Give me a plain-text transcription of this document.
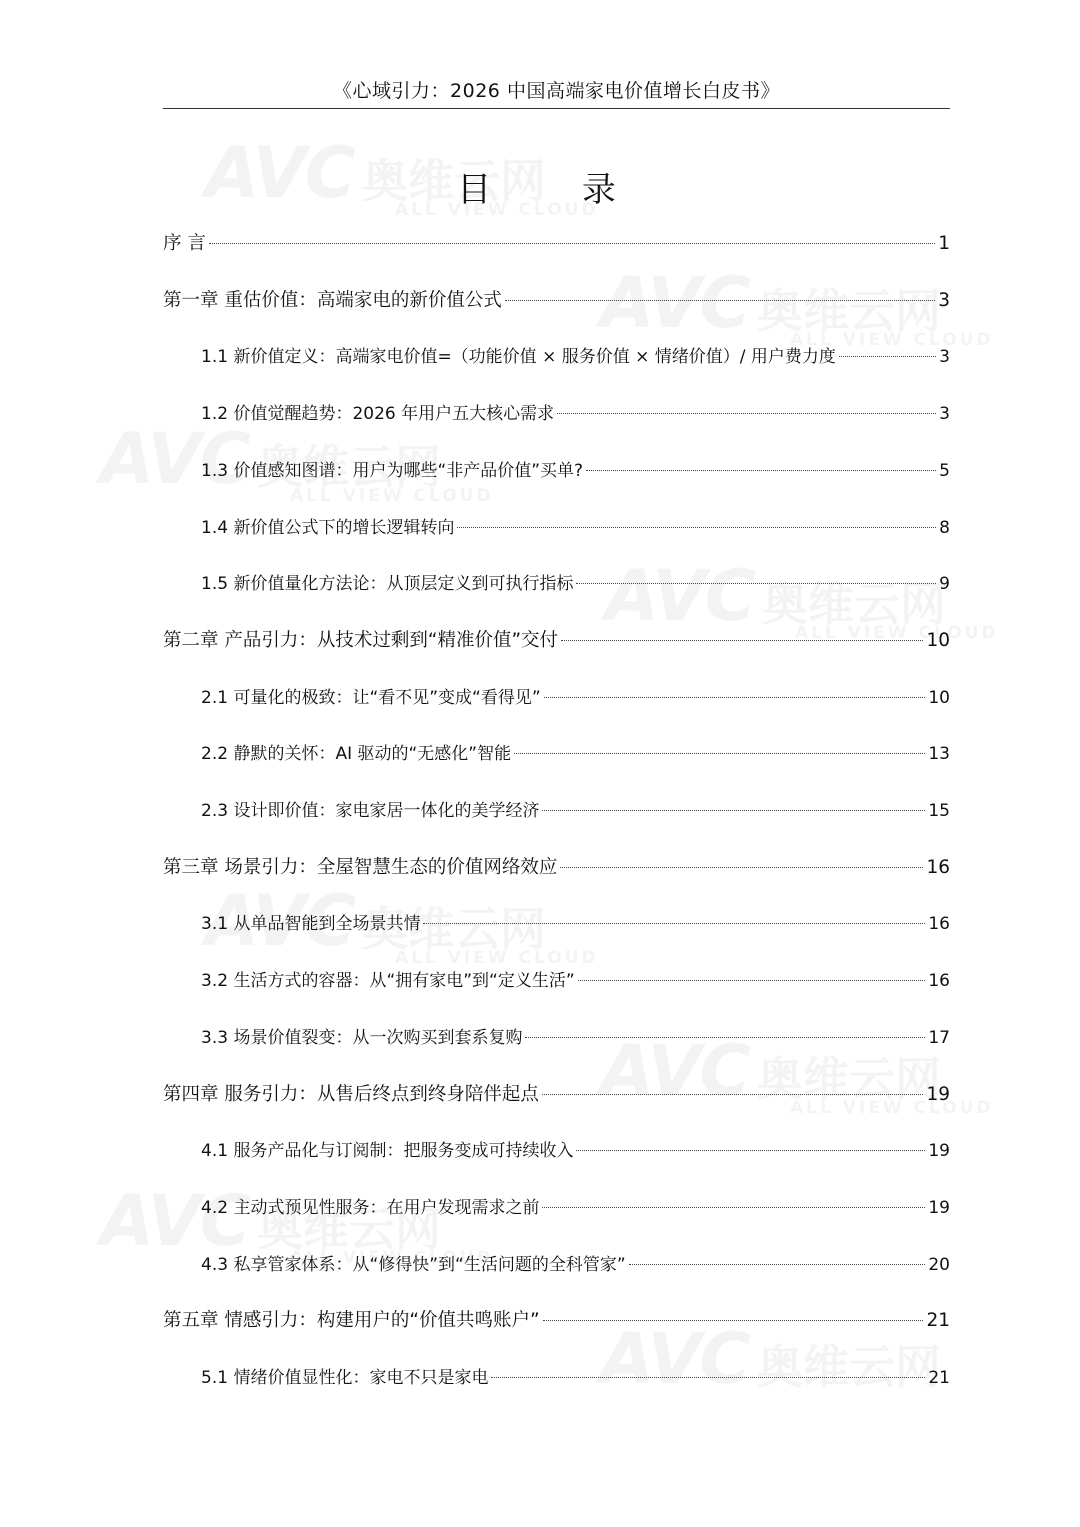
《心域引力：2026 中国高端家电价值增长白皮书》
目 录
序 言	1
第一章 重估价值：高端家电的新价值公式	3
1.1 新价值定义：高端家电价值=（功能价值 × 服务价值 × 情绪价值）/ 用户费力度	3
1.2 价值觉醒趋势：2026 年用户五大核心需求	3
1.3 价值感知图谱：用户为哪些“非产品价值”买单?	5
1.4 新价值公式下的增长逻辑转向	8
1.5 新价值量化方法论：从顶层定义到可执行指标	9
第二章 产品引力：从技术过剩到“精准价值”交付	10
2.1 可量化的极致：让“看不见”变成“看得见”	10
2.2 静默的关怀：AI 驱动的“无感化”智能	13
2.3 设计即价值：家电家居一体化的美学经济	15
第三章 场景引力：全屋智慧生态的价值网络效应	16
3.1 从单品智能到全场景共情	16
3.2 生活方式的容器：从“拥有家电”到“定义生活”	16
3.3 场景价值裂变：从一次购买到套系复购	17
第四章 服务引力：从售后终点到终身陪伴起点	19
4.1 服务产品化与订阅制：把服务变成可持续收入	19
4.2 主动式预见性服务：在用户发现需求之前	19
4.3 私享管家体系：从“修得快”到“生活问题的全科管家”	20
第五章 情感引力：构建用户的“价值共鸣账户”	21
5.1 情绪价值显性化：家电不只是家电	21
